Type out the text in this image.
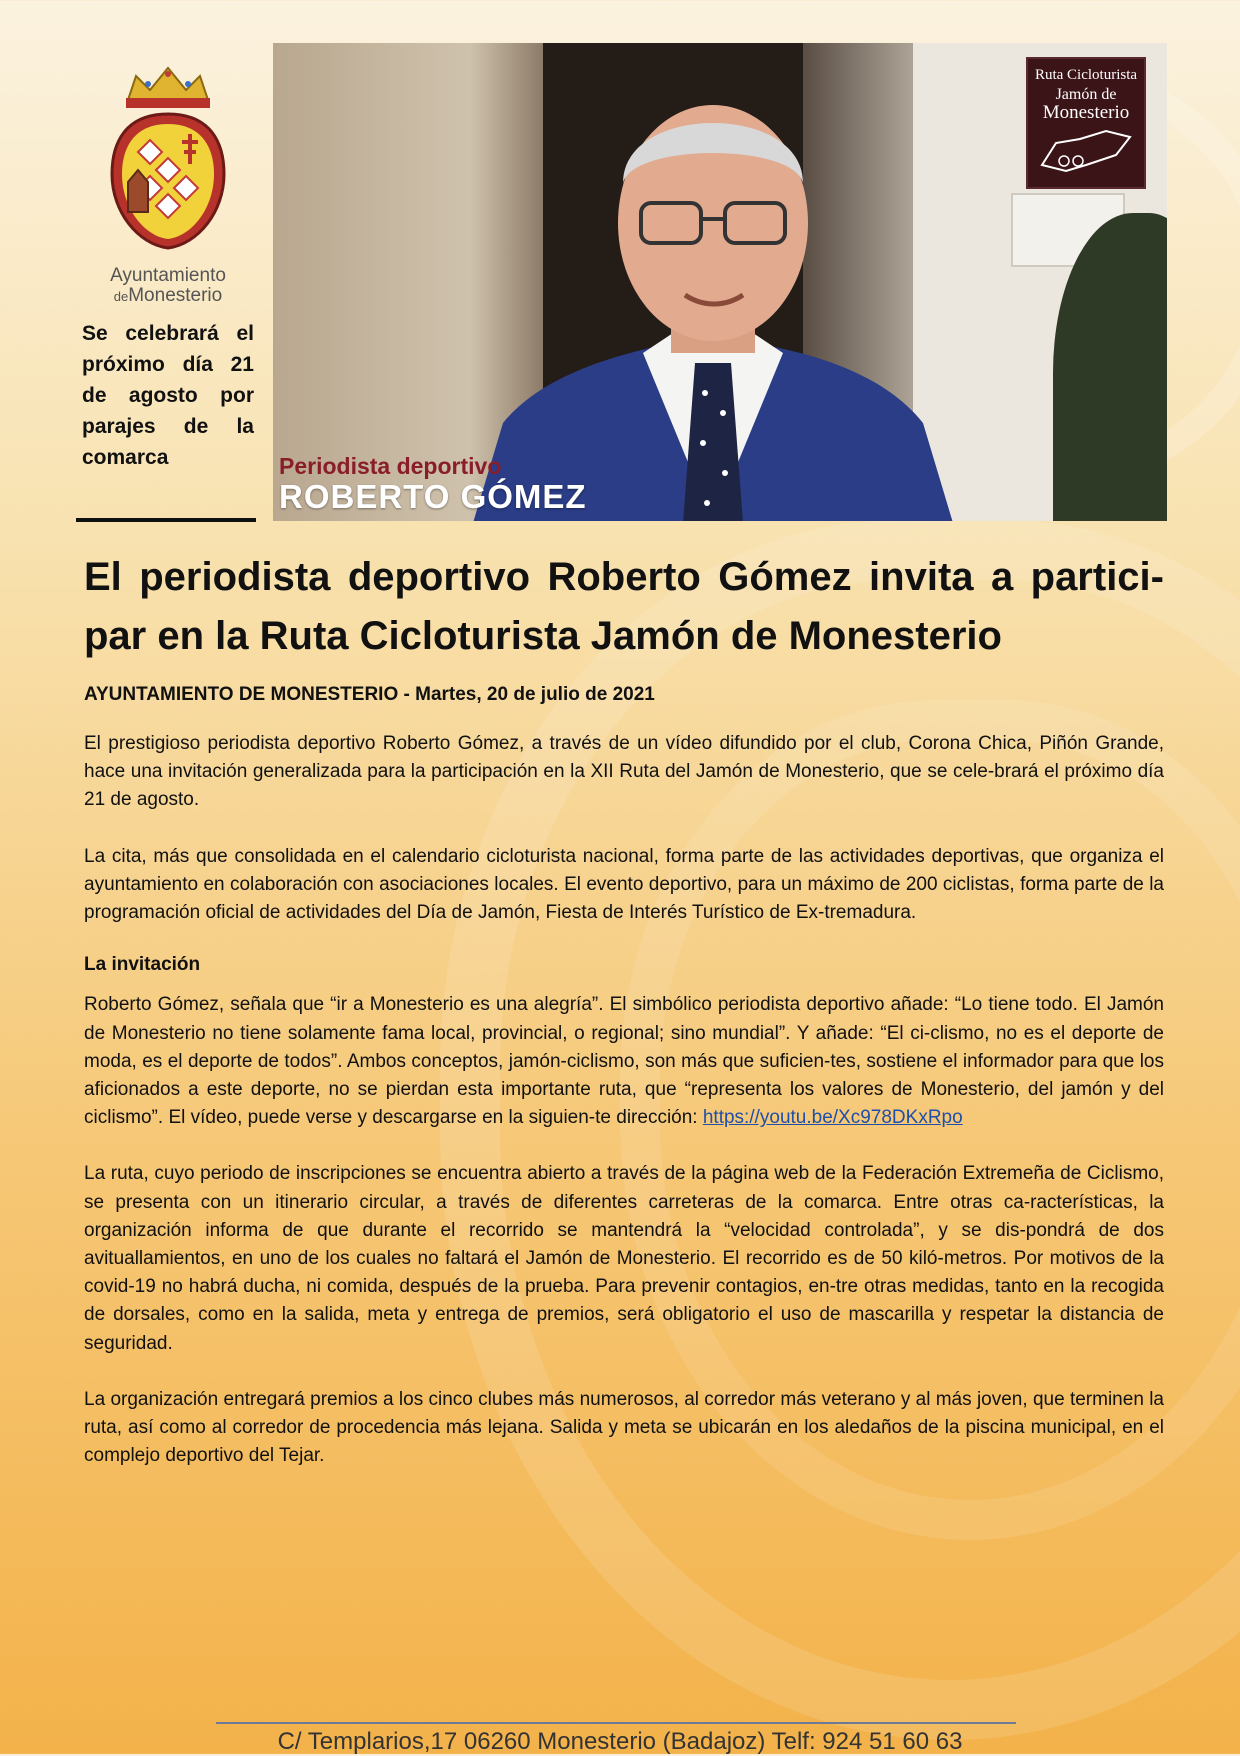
Ayuntamiento
deMonesterio
Se celebrará el próximo día 21 de agosto por parajes de la comarca	Periodista deportivo
ROBERTO GÓMEZ
Ruta Cicloturista
Jamón de
Monesterio
El periodista deportivo Roberto Gómez invita a partici-par en la Ruta Cicloturista Jamón de Monesterio
AYUNTAMIENTO DE MONESTERIO - Martes, 20 de julio de 2021

El prestigioso periodista deportivo Roberto Gómez, a través de un vídeo difundido por el club, Corona Chica, Piñón Grande, hace una invitación generalizada para la participación en la XII Ruta del Jamón de Monesterio, que se cele-brará el próximo día 21 de agosto.

La cita, más que consolidada en el calendario cicloturista nacional, forma parte de las actividades deportivas, que organiza el ayuntamiento en colaboración con asociaciones locales. El evento deportivo, para un máximo de 200 ciclistas, forma parte de la programación oficial de actividades del Día de Jamón, Fiesta de Interés Turístico de Ex-tremadura.

La invitación

Roberto Gómez, señala que “ir a Monesterio es una alegría”. El simbólico periodista deportivo añade: “Lo tiene todo. El Jamón de Monesterio no tiene solamente fama local, provincial, o regional; sino mundial”. Y añade: “El ci-clismo, no es el deporte de moda, es el deporte de todos”. Ambos conceptos, jamón-ciclismo, son más que suficien-tes, sostiene el informador para que los aficionados a este deporte, no se pierdan esta importante ruta, que “representa los valores de Monesterio, del jamón y del ciclismo”. El vídeo, puede verse y descargarse en la siguien-te dirección: https://youtu.be/Xc978DKxRpo

La ruta, cuyo periodo de inscripciones se encuentra abierto a través de la página web de la Federación Extremeña de Ciclismo, se presenta con un itinerario circular, a través de diferentes carreteras de la comarca. Entre otras ca-racterísticas, la organización informa de que durante el recorrido se mantendrá la “velocidad controlada”, y se dis-pondrá de dos avituallamientos, en uno de los cuales no faltará el Jamón de Monesterio. El recorrido es de 50 kiló-metros. Por motivos de la covid-19 no habrá ducha, ni comida, después de la prueba. Para prevenir contagios, en-tre otras medidas, tanto en la recogida de dorsales, como en la salida, meta y entrega de premios, será obligatorio el uso de mascarilla y respetar la distancia de seguridad.

La organización entregará premios a los cinco clubes más numerosos, al corredor más veterano y al más joven, que terminen la ruta, así como al corredor de procedencia más lejana. Salida y meta se ubicarán en los aledaños de la piscina municipal, en el complejo deportivo del Tejar.

C/ Templarios,17 06260 Monesterio (Badajoz) Telf: 924 51 60 63
